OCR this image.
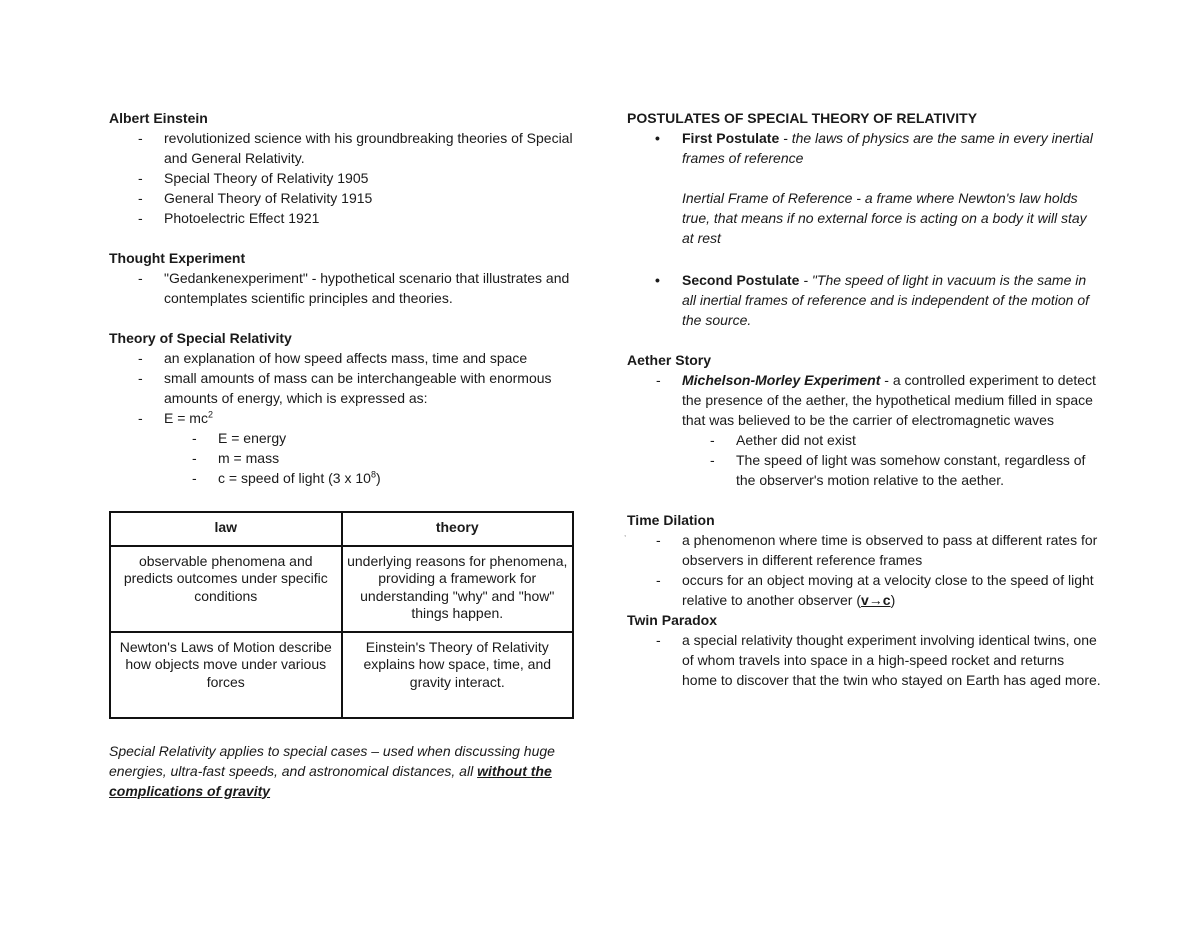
Albert Einstein

- revolutionized science with his groundbreaking theories of Special and General Relativity.
- Special Theory of Relativity 1905
- General Theory of Relativity 1915
- Photoelectric Effect 1921

Thought Experiment

- "Gedankenexperiment" - hypothetical scenario that illustrates and contemplates scientific principles and theories.

Theory of Special Relativity

- an explanation of how speed affects mass, time and space
- small amounts of mass can be interchangeable with enormous amounts of energy, which is expressed as:
- $E = mc^2$
- E = energy
- m = mass
- c = speed of light (3 x $10^8$)
law	theory
observable phenomena and predicts outcomes under specific conditions	underlying reasons for phenomena, providing a framework for understanding "why" and "how" things happen.
Newton's Laws of Motion describe how objects move under various forces	Einstein's Theory of Relativity explains how space, time, and gravity interact.

Special Relativity applies to special cases – used when discussing huge energies, ultra-fast speeds, and astronomical distances, all without the complications of gravity

POSTULATES OF SPECIAL THEORY OF RELATIVITY

• First Postulate - the laws of physics are the same in every inertial frames of reference
Inertial Frame of Reference - a frame where Newton's law holds true, that means if no external force is acting on a body it will stay at rest
• Second Postulate - "The speed of light in vacuum is the same in all inertial frames of reference and is independent of the motion of the source.

Aether Story

- Michelson-Morley Experiment - a controlled experiment to detect the presence of the aether, the hypothetical medium filled in space that was believed to be the carrier of electromagnetic waves
- Aether did not exist
- The speed of light was somehow constant, regardless of the observer's motion relative to the aether.

Time Dilation

- a phenomenon where time is observed to pass at different rates for observers in different reference frames
- occurs for an object moving at a velocity close to the speed of light relative to another observer (v→c)

Twin Paradox

- a special relativity thought experiment involving identical twins, one of whom travels into space in a high-speed rocket and returns home to discover that the twin who stayed on Earth has aged more.
,
